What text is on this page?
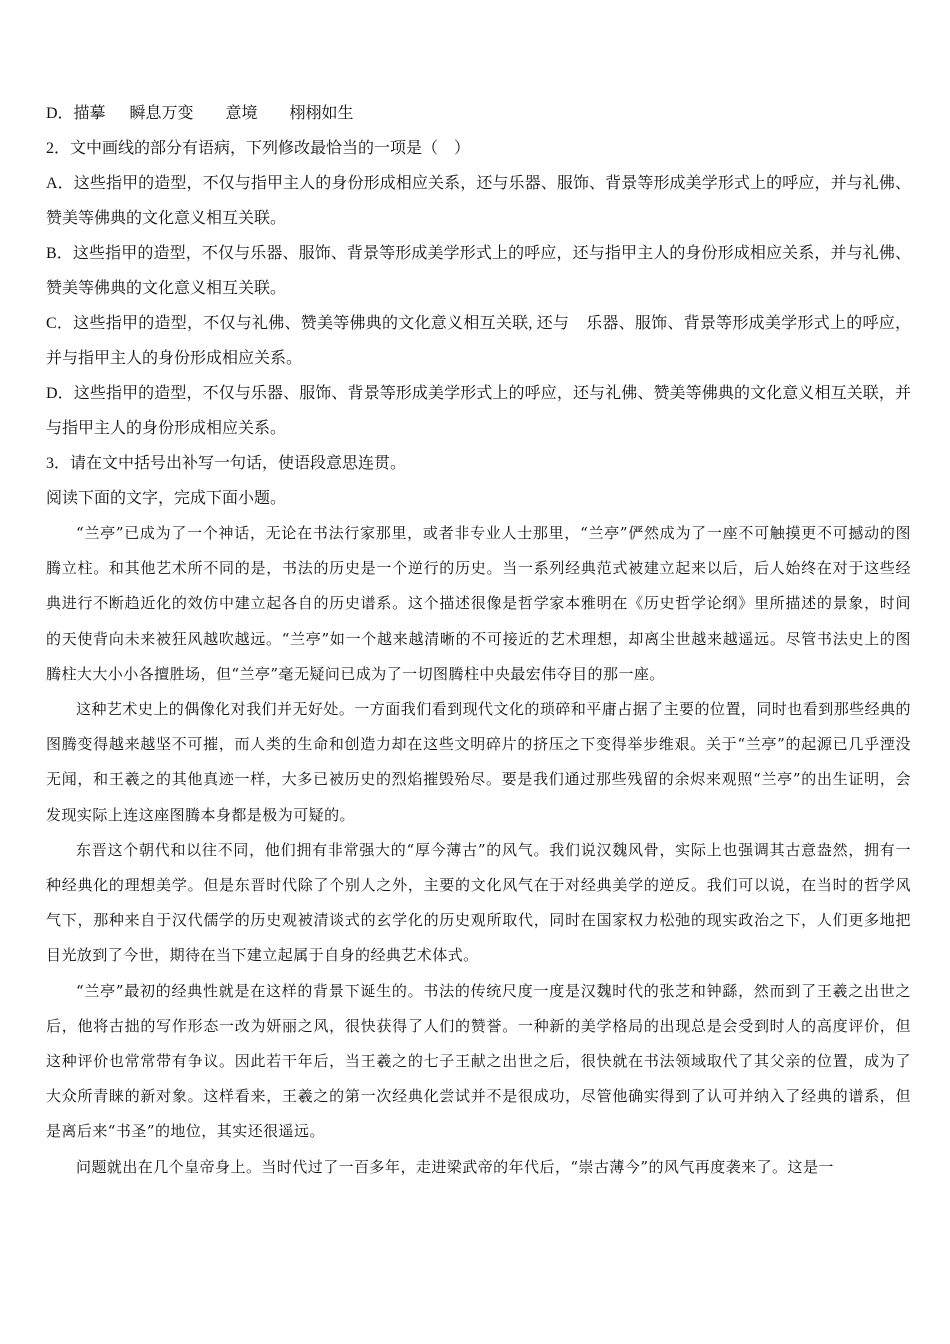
D．描摹      瞬息万变        意境        栩栩如生

2．文中画线的部分有语病，下列修改最恰当的一项是（    ）

A．这些指甲的造型，不仅与指甲主人的身份形成相应关系，还与乐器、服饰、背景等形成美学形式上的呼应，并与礼佛、赞美等佛典的文化意义相互关联。

B．这些指甲的造型，不仅与乐器、服饰、背景等形成美学形式上的呼应，还与指甲主人的身份形成相应关系，并与礼佛、赞美等佛典的文化意义相互关联。

C．这些指甲的造型，不仅与礼佛、赞美等佛典的文化意义相互关联, 还与    乐器、服饰、背景等形成美学形式上的呼应，并与指甲主人的身份形成相应关系。

D．这些指甲的造型，不仅与乐器、服饰、背景等形成美学形式上的呼应，还与礼佛、赞美等佛典的文化意义相互关联，并与指甲主人的身份形成相应关系。

3．请在文中括号出补写一句话，使语段意思连贯。

阅读下面的文字，完成下面小题。

“兰亭”已成为了一个神话，无论在书法行家那里，或者非专业人士那里，“兰亭”俨然成为了一座不可触摸更不可撼动的图腾立柱。和其他艺术所不同的是，书法的历史是一个逆行的历史。当一系列经典范式被建立起来以后，后人始终在对于这些经典进行不断趋近化的效仿中建立起各自的历史谱系。这个描述很像是哲学家本雅明在《历史哲学论纲》里所描述的景象，时间的天使背向未来被狂风越吹越远。“兰亭”如一个越来越清晰的不可接近的艺术理想，却离尘世越来越遥远。尽管书法史上的图腾柱大大小小各擅胜场，但“兰亭”毫无疑问已成为了一切图腾柱中央最宏伟夺目的那一座。

这种艺术史上的偶像化对我们并无好处。一方面我们看到现代文化的琐碎和平庸占据了主要的位置，同时也看到那些经典的图腾变得越来越坚不可摧，而人类的生命和创造力却在这些文明碎片的挤压之下变得举步维艰。关于“兰亭”的起源已几乎湮没无闻，和王羲之的其他真迹一样，大多已被历史的烈焰摧毁殆尽。要是我们通过那些残留的余烬来观照“兰亭”的出生证明，会发现实际上连这座图腾本身都是极为可疑的。

东晋这个朝代和以往不同，他们拥有非常强大的“厚今薄古”的风气。我们说汉魏风骨，实际上也强调其古意盎然，拥有一种经典化的理想美学。但是东晋时代除了个别人之外，主要的文化风气在于对经典美学的逆反。我们可以说，在当时的哲学风气下，那种来自于汉代儒学的历史观被清谈式的玄学化的历史观所取代，同时在国家权力松弛的现实政治之下，人们更多地把目光放到了今世，期待在当下建立起属于自身的经典艺术体式。

“兰亭”最初的经典性就是在这样的背景下诞生的。书法的传统尺度一度是汉魏时代的张芝和钟繇，然而到了王羲之出世之后，他将古拙的写作形态一改为妍丽之风，很快获得了人们的赞誉。一种新的美学格局的出现总是会受到时人的高度评价，但这种评价也常常带有争议。因此若干年后，当王羲之的七子王献之出世之后，很快就在书法领域取代了其父亲的位置，成为了大众所青睐的新对象。这样看来，王羲之的第一次经典化尝试并不是很成功，尽管他确实得到了认可并纳入了经典的谱系，但是离后来“书圣”的地位，其实还很遥远。

问题就出在几个皇帝身上。当时代过了一百多年，走进梁武帝的年代后，“崇古薄今”的风气再度袭来了。这是一
